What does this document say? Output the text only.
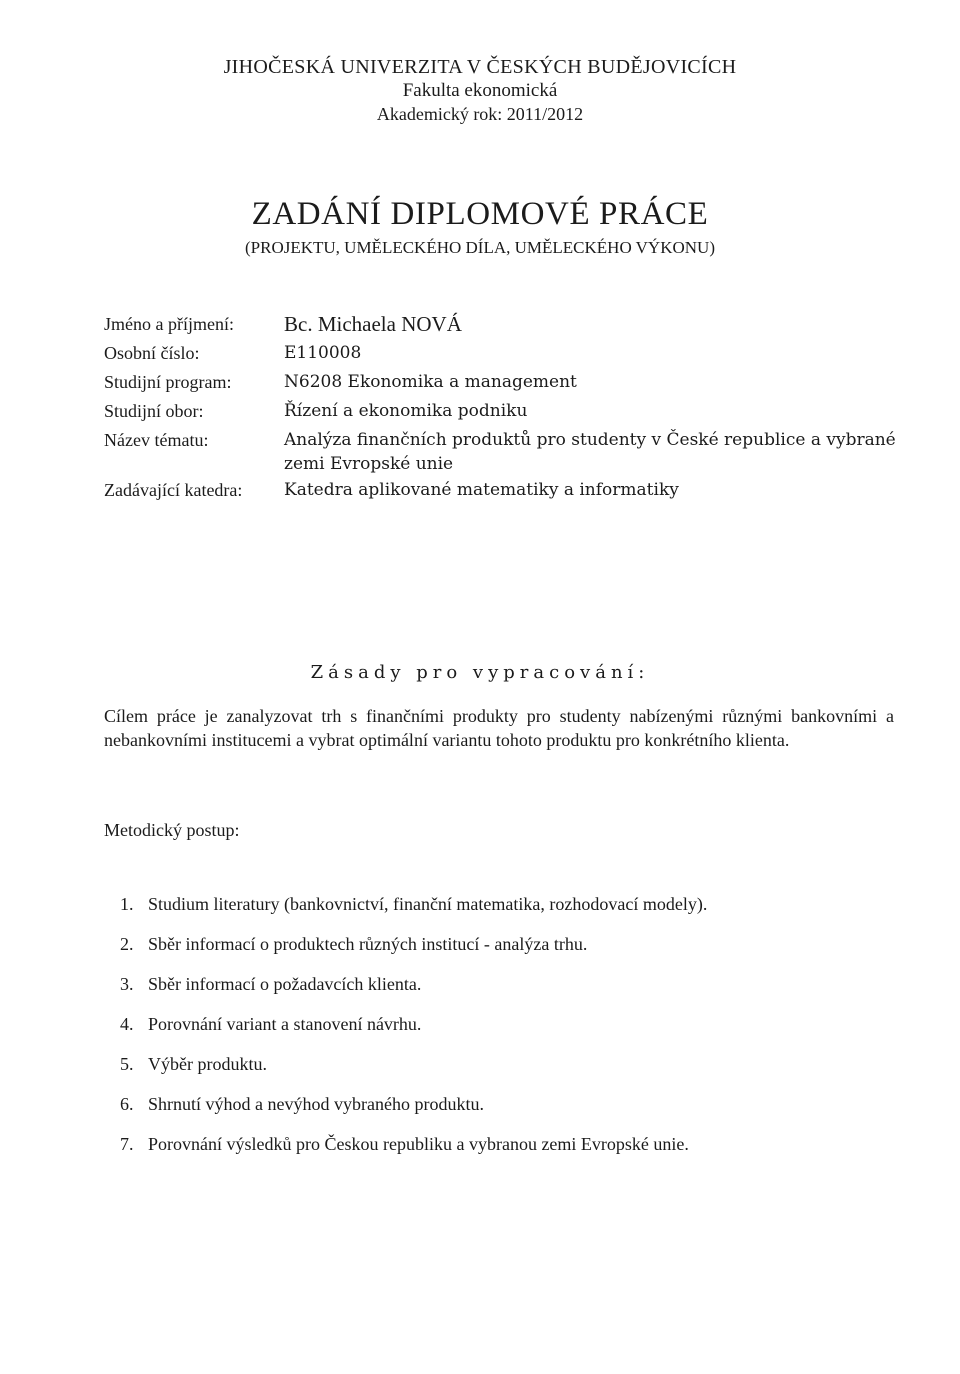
JIHOČESKÁ UNIVERZITA V ČESKÝCH BUDĚJOVICÍCH
Fakulta ekonomická
Akademický rok: 2011/2012
ZADÁNÍ DIPLOMOVÉ PRÁCE
(PROJEKTU, UMĚLECKÉHO DÍLA, UMĚLECKÉHO VÝKONU)
Jméno a příjmení:	Bc. Michaela NOVÁ
Osobní číslo:	E110008
Studijní program:	N6208 Ekonomika a management
Studijní obor:	Řízení a ekonomika podniku
Název tématu:	Analýza finančních produktů pro studenty v České republice a vybrané zemi Evropské unie
Zadávající katedra:	Katedra aplikované matematiky a informatiky
Zásady pro vypracování:
Cílem práce je zanalyzovat trh s finančními produkty pro studenty nabízenými různými bankovními a nebankovními institucemi a vybrat optimální variantu tohoto produktu pro konkrétního klienta.
Metodický postup:
1. Studium literatury (bankovnictví, finanční matematika, rozhodovací modely).
2. Sběr informací o produktech různých institucí - analýza trhu.
3. Sběr informací o požadavcích klienta.
4. Porovnání variant a stanovení návrhu.
5. Výběr produktu.
6. Shrnutí výhod a nevýhod vybraného produktu.
7. Porovnání výsledků pro Českou republiku a vybranou zemi Evropské unie.
